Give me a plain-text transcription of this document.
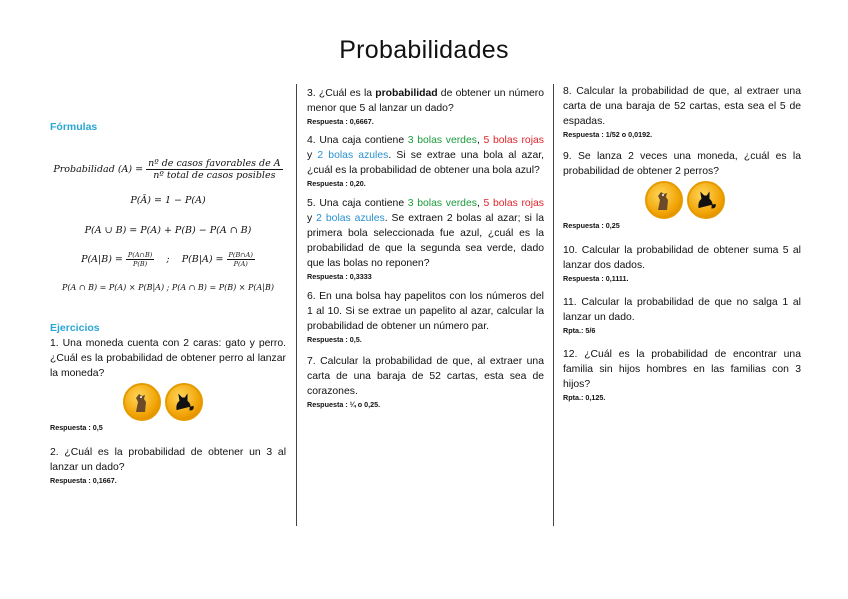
Probabilidades
Fórmulas
Probabilidad $(A) = \frac{\text{nº de casos favorables de A}}{\text{nº total de casos posibles}}$
P(Ā) = 1 − P(A)
P(A ∪ B) = P(A) + P(B) − P(A ∩ B)
$P(A|B) = \frac{P(A\cap B)}{P(B)}$ ; $P(B|A) = \frac{P(B\cap A)}{P(A)}$
P(A ∩ B) = P(A) × P(B|A) ; P(A ∩ B) = P(B) × P(A|B)
Ejercicios
1. Una moneda cuenta con 2 caras: gato y perro. ¿Cuál es la probabilidad de obtener perro al lanzar la moneda?
Respuesta : 0,5
2. ¿Cuál es la probabilidad de obtener un 3 al lanzar un dado?
Respuesta : 0,1667.
3. ¿Cuál es la probabilidad de obtener un número menor que 5 al lanzar un dado?
Respuesta : 0,6667.
4. Una caja contiene 3 bolas verdes, 5 bolas rojas y 2 bolas azules. Si se extrae una bola al azar, ¿cuál es la probabilidad de obtener una bola azul?
Respuesta : 0,20.
5. Una caja contiene 3 bolas verdes, 5 bolas rojas y 2 bolas azules. Se extraen 2 bolas al azar; si la primera bola seleccionada fue azul, ¿cuál es la probabilidad de que la segunda sea verde, dado que las bolas no reponen?
Respuesta : 0,3333
6. En una bolsa hay papelitos con los números del 1 al 10. Si se extrae un papelito al azar, calcular la probabilidad de obtener un número par.
Respuesta : 0,5.
7. Calcular la probabilidad de que, al extraer una carta de una baraja de 52 cartas, esta sea de corazones.
Respuesta : ¼ o 0,25.
8. Calcular la probabilidad de que, al extraer una carta de una baraja de 52 cartas, esta sea el 5 de espadas.
Respuesta : 1/52 o 0,0192.
9. Se lanza 2 veces una moneda, ¿cuál es la probabilidad de obtener 2 perros?
Respuesta : 0,25
10. Calcular la probabilidad de obtener suma 5 al lanzar dos dados.
Respuesta : 0,1111.
11. Calcular la probabilidad de que no salga 1 al lanzar un dado.
Rpta.: 5/6
12. ¿Cuál es la probabilidad de encontrar una familia sin hijos hombres en las familias con 3 hijos?
Rpta.: 0,125.
